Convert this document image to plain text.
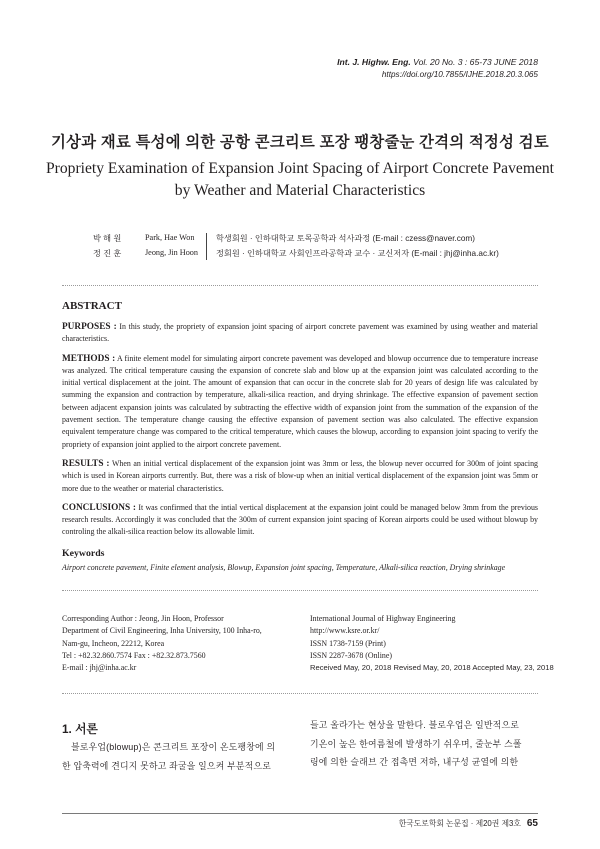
Int. J. Highw. Eng. Vol. 20 No. 3 : 65-73 JUNE 2018
https://doi.org/10.7855/IJHE.2018.20.3.065
기상과 재료 특성에 의한 공항 콘크리트 포장 팽창줄눈 간격의 적정성 검토
Propriety Examination of Expansion Joint Spacing of Airport Concrete Pavement
by Weather and Material Characteristics
박 해 원	Park, Hae Won	학생회원 · 인하대학교 토목공학과 석사과정 (E-mail : czess@naver.com)
정 진 훈	Jeong, Jin Hoon 정회원 · 인하대학교 사회인프라공학과 교수 · 교신저자 (E-mail : jhj@inha.ac.kr)
ABSTRACT

PURPOSES : In this study, the propriety of expansion joint spacing of airport concrete pavement was examined by using weather and material characteristics.

METHODS : A finite element model for simulating airport concrete pavement was developed and blowup occurrence due to temperature increase was analyzed. The critical temperature causing the expansion of concrete slab and blow up at the expansion joint was calculated according to the initial vertical displacement at the joint. The amount of expansion that can occur in the concrete slab for 20 years of design life was calculated by summing the expansion and contraction by temperature, alkali-silica reaction, and drying shrinkage. The effective expansion of pavement section between adjacent expansion joints was calculated by subtracting the effective width of expansion joint from the summation of the expansion of the pavement section. The temperature change causing the effective expansion of pavement section was also calculated. The effective expansion equivalent temperature change was compared to the critical temperature, which causes the blowup, according to expansion joint spacing to verify the propriety of expansion joint applied to the airport concrete pavement.

RESULTS : When an initial vertical displacement of the expansion joint was 3mm or less, the blowup never occurred for 300m of joint spacing which is used in Korean airports currently. But, there was a risk of blow-up when an initial vertical displacement of the expansion joint was 5mm or more due to the weather or material characteristics.

CONCLUSIONS : It was confirmed that the intial vertical displacement at the expansion joint could be managed below 3mm from the previous research results. Accordingly it was concluded that the 300m of current expansion joint spacing of Korean airports could be used without blowup by controling the alkali-silica reaction below its allowable limit.

Keywords
Airport concrete pavement, Finite element analysis, Blowup, Expansion joint spacing, Temperature, Alkali-silica reaction, Drying shrinkage
Corresponding Author : Jeong, Jin Hoon, Professor
Department of Civil Engineering, Inha University, 100 Inha-ro,
Nam-gu, Incheon, 22212, Korea
Tel : +82.32.860.7574 Fax : +82.32.873.7560
E-mail : jhj@inha.ac.kr
International Journal of Highway Engineering
http://www.ksre.or.kr/
ISSN 1738-7159 (Print)
ISSN 2287-3678 (Online)
Received May, 20, 2018 Revised May, 20, 2018 Accepted May, 23, 2018
1. 서론
블로우업(blowup)은 콘크리트 포장이 온도팽창에 의
한 압축력에 견디지 못하고 좌굴을 일으켜 부분적으로
들고 올라가는 현상을 말한다. 블로우업은 일반적으로
기온이 높은 한여름철에 발생하기 쉬우며, 줄눈부 스폴
링에 의한 슬래브 간 접촉면 저하, 내구성 균열에 의한
한국도로학회 논문집 · 제20권 제3호 65
